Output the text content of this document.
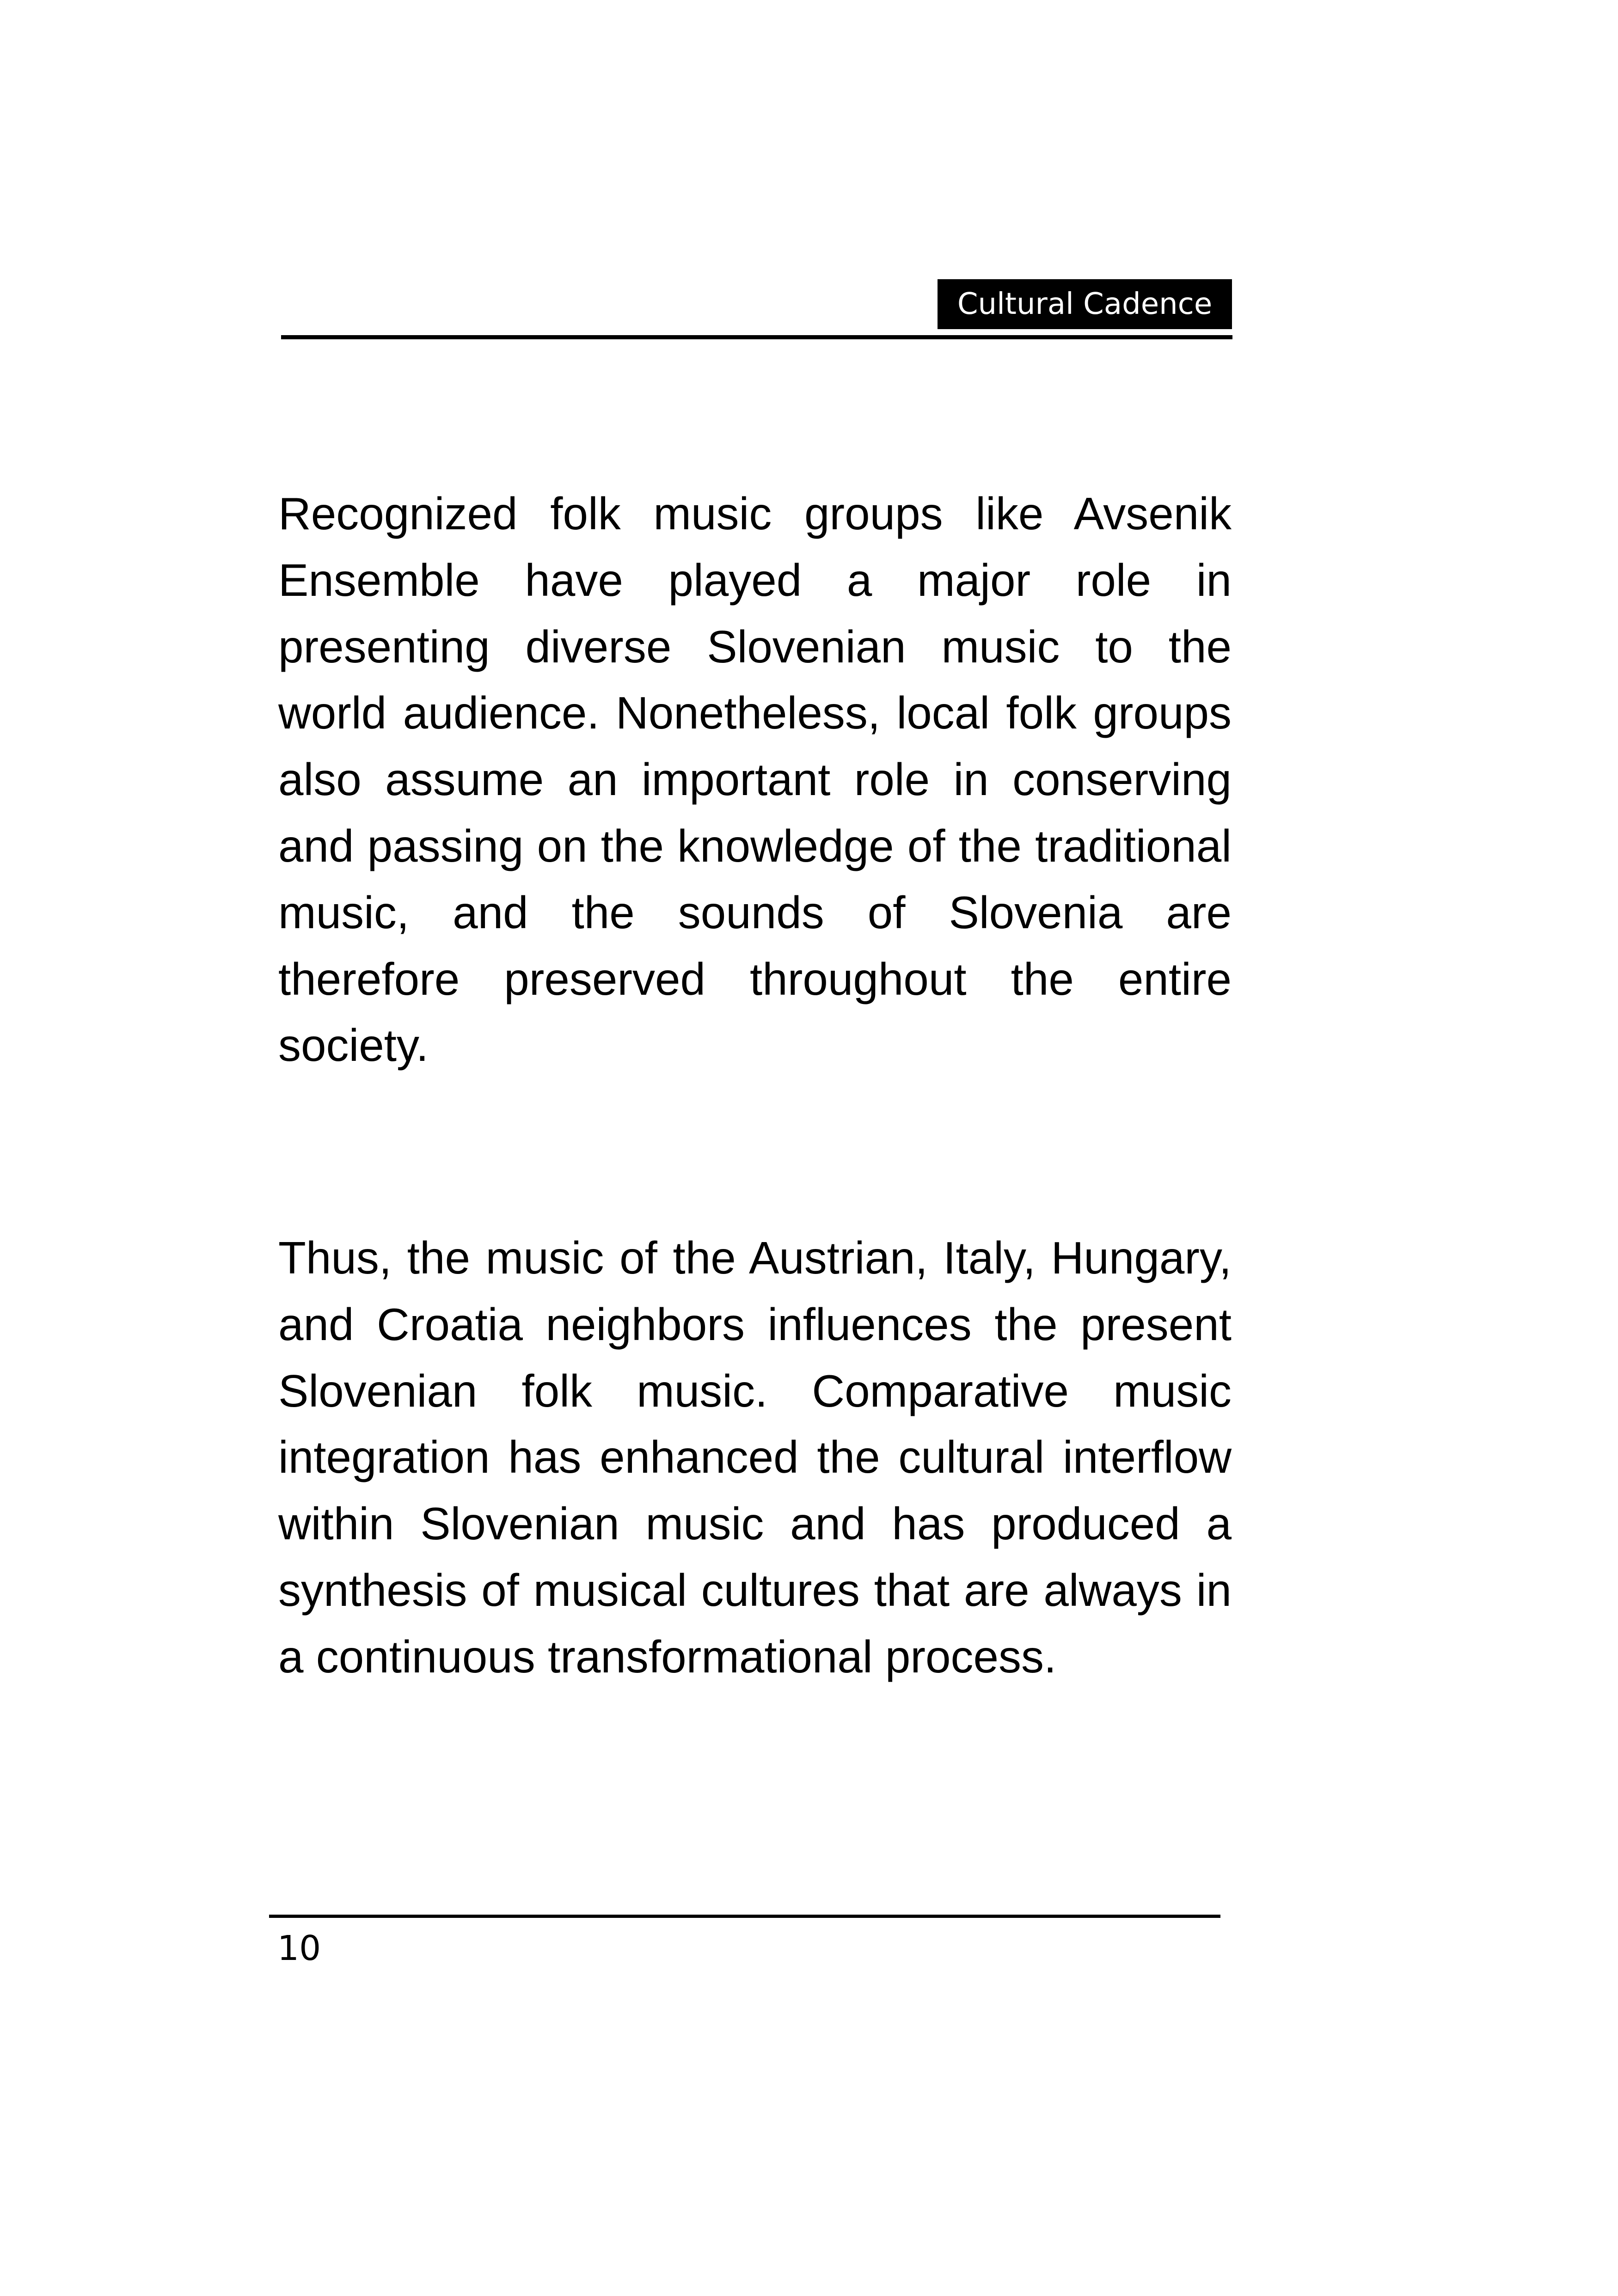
Cultural Cadence

Recognized folk music groups like Avsenik Ensemble have played a major role in presenting diverse Slovenian music to the world audience. Nonetheless, local folk groups also assume an important role in conserving and passing on the knowledge of the traditional music, and the sounds of Slovenia are therefore preserved throughout the entire society.

Thus, the music of the Austrian, Italy, Hungary, and Croatia neighbors influences the present Slovenian folk music. Comparative music integration has enhanced the cultural interflow within Slovenian music and has produced a synthesis of musical cultures that are always in a continuous transformational process.

10
